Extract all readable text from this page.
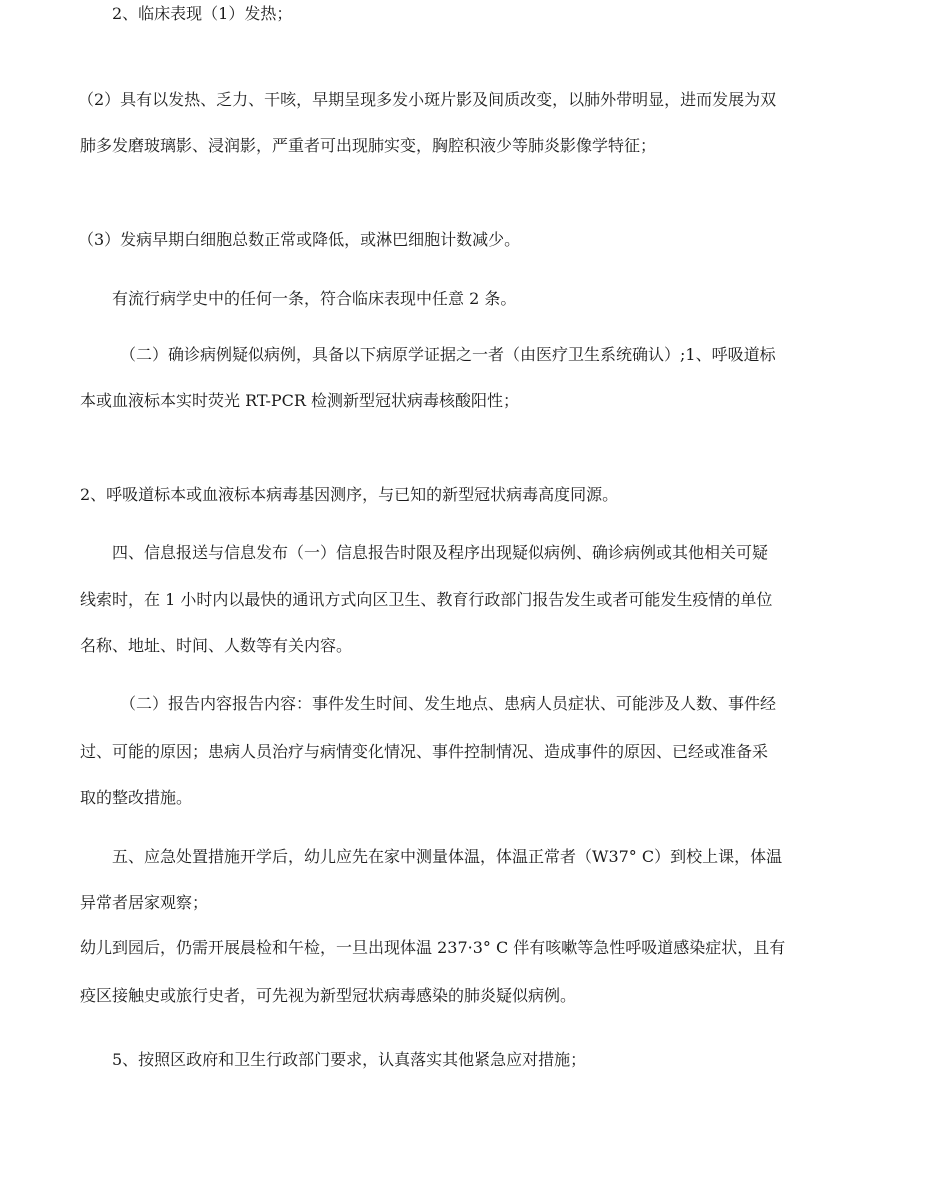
2、临床表现（1）发热；
（2）具有以发热、乏力、干咳，早期呈现多发小斑片影及间质改变，以肺外带明显，进而发展为双
肺多发磨玻璃影、浸润影，严重者可出现肺实变，胸腔积液少等肺炎影像学特征；
（3）发病早期白细胞总数正常或降低，或淋巴细胞计数减少。
有流行病学史中的任何一条，符合临床表现中任意 2 条。
（二）确诊病例疑似病例，具备以下病原学证据之一者（由医疗卫生系统确认）;1、呼吸道标
本或血液标本实时荧光 RT-PCR 检测新型冠状病毒核酸阳性；
2、呼吸道标本或血液标本病毒基因测序，与已知的新型冠状病毒高度同源。
四、信息报送与信息发布（一）信息报告时限及程序出现疑似病例、确诊病例或其他相关可疑
线索时，在 1 小时内以最快的通讯方式向区卫生、教育行政部门报告发生或者可能发生疫情的单位
名称、地址、时间、人数等有关内容。
（二）报告内容报告内容：事件发生时间、发生地点、患病人员症状、可能涉及人数、事件经
过、可能的原因；患病人员治疗与病情变化情况、事件控制情况、造成事件的原因、已经或准备采
取的整改措施。
五、应急处置措施开学后，幼儿应先在家中测量体温，体温正常者（W37° C）到校上课，体温
异常者居家观察；
幼儿到园后，仍需开展晨检和午检，一旦出现体温 237·3° C 伴有咳嗽等急性呼吸道感染症状，且有
疫区接触史或旅行史者，可先视为新型冠状病毒感染的肺炎疑似病例。
5、按照区政府和卫生行政部门要求，认真落实其他紧急应对措施；
